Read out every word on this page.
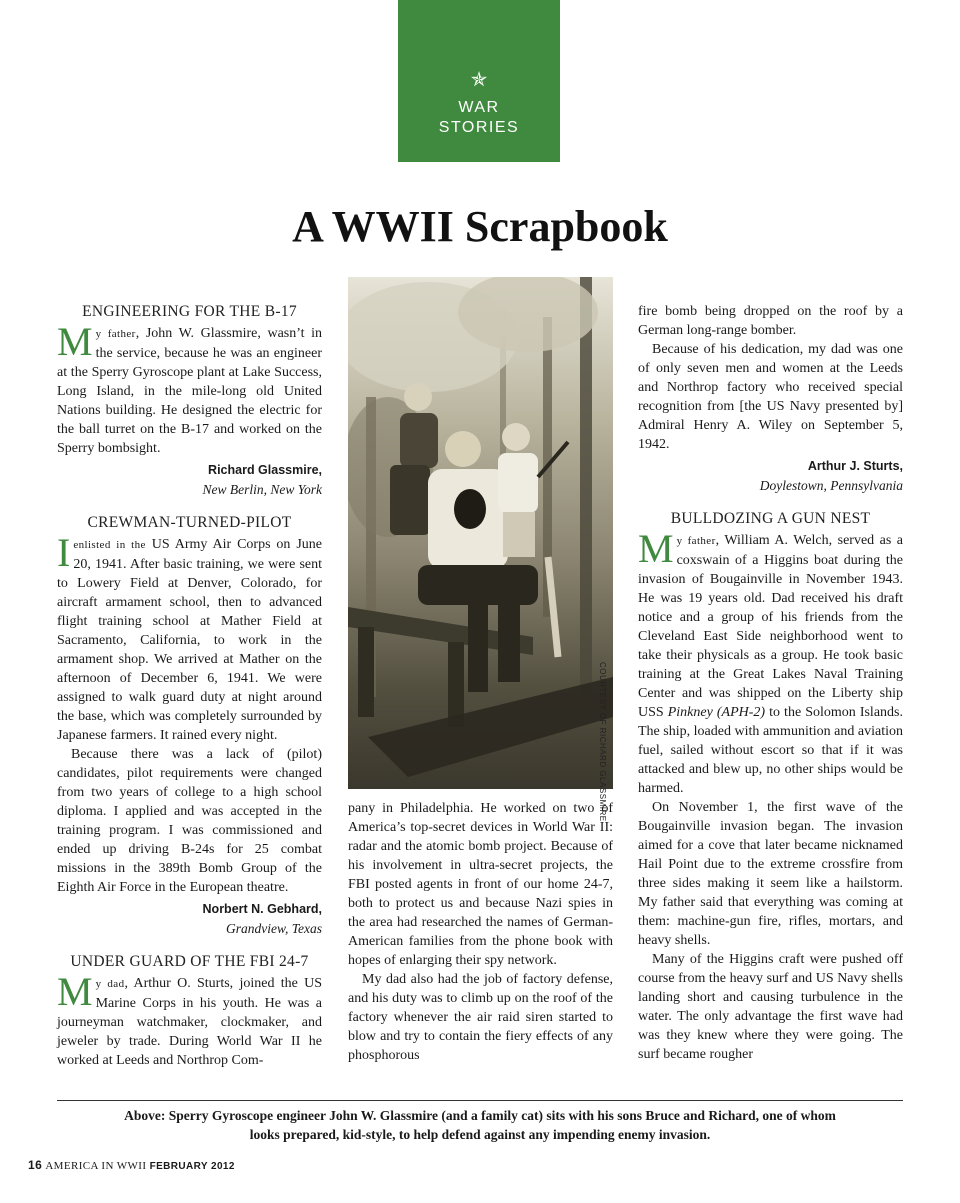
✯
WAR
STORIES
A WWII Scrapbook
COURTESY OF RICHARD GLASSMIRE
ENGINEERING FOR THE B-17

My father, John W. Glassmire, wasn’t in the service, because he was an engineer at the Sperry Gyroscope plant at Lake Success, Long Island, in the mile-long old United Nations building. He designed the electric for the ball turret on the B-17 and worked on the Sperry bombsight.

Richard Glassmire,
New Berlin, New York
CREWMAN-TURNED-PILOT

Ienlisted in the US Army Air Corps on June 20, 1941. After basic training, we were sent to Lowery Field at Denver, Colorado, for aircraft armament school, then to advanced flight training school at Mather Field at Sacramento, California, to work in the armament shop. We arrived at Mather on the afternoon of December 6, 1941. We were assigned to walk guard duty at night around the base, which was completely surrounded by Japanese farmers. It rained every night.

Because there was a lack of (pilot) candidates, pilot requirements were changed from two years of college to a high school diploma. I applied and was accepted in the training program. I was commissioned and ended up driving B-24s for 25 combat missions in the 389th Bomb Group of the Eighth Air Force in the European theatre.

Norbert N. Gebhard,
Grandview, Texas
UNDER GUARD OF THE FBI 24-7

My dad, Arthur O. Sturts, joined the US Marine Corps in his youth. He was a journeyman watchmaker, clockmaker, and jeweler by trade. During World War II he worked at Leeds and Northrop Com-

pany in Philadelphia. He worked on two of America’s top-secret devices in World War II: radar and the atomic bomb project. Because of his involvement in ultra-secret projects, the FBI posted agents in front of our home 24-7, both to protect us and because Nazi spies in the area had researched the names of German-American families from the phone book with hopes of enlarging their spy network.

My dad also had the job of factory defense, and his duty was to climb up on the roof of the factory whenever the air raid siren started to blow and try to contain the fiery effects of any phosphorous

fire bomb being dropped on the roof by a German long-range bomber.

Because of his dedication, my dad was one of only seven men and women at the Leeds and Northrop factory who received special recognition from [the US Navy presented by] Admiral Henry A. Wiley on September 5, 1942.

Arthur J. Sturts,
Doylestown, Pennsylvania
BULLDOZING A GUN NEST

My father, William A. Welch, served as a coxswain of a Higgins boat during the invasion of Bougainville in November 1943. He was 19 years old. Dad received his draft notice and a group of his friends from the Cleveland East Side neighborhood went to take their physicals as a group. He took basic training at the Great Lakes Naval Training Center and was shipped on the Liberty ship USS Pinkney (APH-2) to the Solomon Islands. The ship, loaded with ammunition and aviation fuel, sailed without escort so that if it was attacked and blew up, no other ships would be harmed.

On November 1, the first wave of the Bougainville invasion began. The invasion aimed for a cove that later became nicknamed Hail Point due to the extreme crossfire from three sides making it seem like a hailstorm. My father said that everything was coming at them: machine-gun fire, rifles, mortars, and heavy shells.

Many of the Higgins craft were pushed off course from the heavy surf and US Navy shells landing short and causing turbulence in the water. The only advantage the first wave had was they knew where they were going. The surf became rougher

Above: Sperry Gyroscope engineer John W. Glassmire (and a family cat) sits with his sons Bruce and Richard, one of whom
looks prepared, kid-style, to help defend against any impending enemy invasion.
16 AMERICA IN WWII FEBRUARY 2012
